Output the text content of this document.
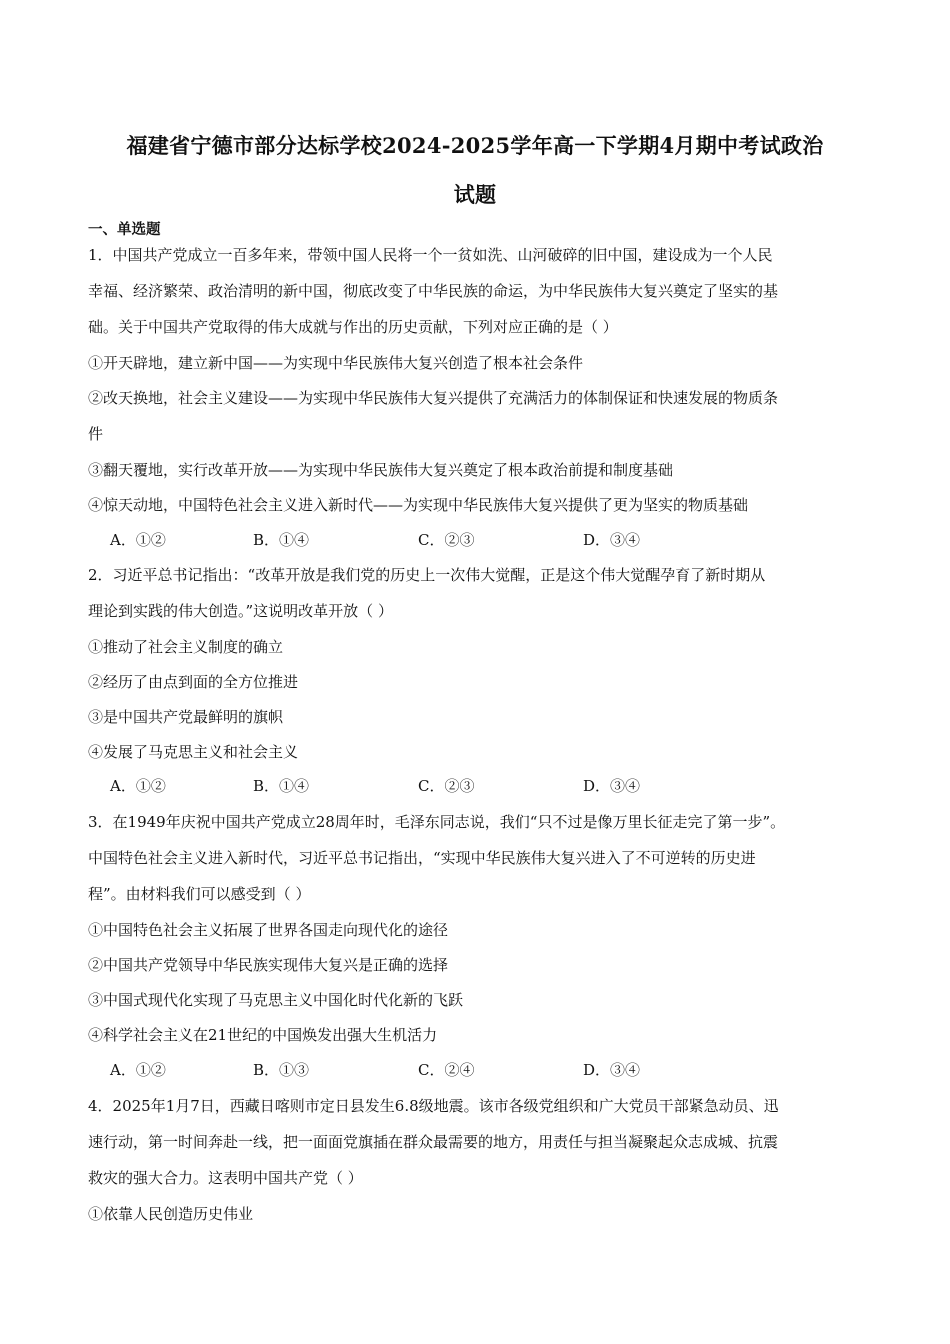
福建省宁德市部分达标学校2024-2025学年高一下学期4月期中考试政治
试题
一、单选题
1．中国共产党成立一百多年来，带领中国人民将一个一贫如洗、山河破碎的旧中国，建设成为一个人民
幸福、经济繁荣、政治清明的新中国，彻底改变了中华民族的命运，为中华民族伟大复兴奠定了坚实的基
础。关于中国共产党取得的伟大成就与作出的历史贡献，下列对应正确的是（ ）
①开天辟地，建立新中国——为实现中华民族伟大复兴创造了根本社会条件
②改天换地，社会主义建设——为实现中华民族伟大复兴提供了充满活力的体制保证和快速发展的物质条
件
③翻天覆地，实行改革开放——为实现中华民族伟大复兴奠定了根本政治前提和制度基础
④惊天动地，中国特色社会主义进入新时代——为实现中华民族伟大复兴提供了更为坚实的物质基础
A．①②	B．①④	C．②③	D．③④
2．习近平总书记指出：“改革开放是我们党的历史上一次伟大觉醒，正是这个伟大觉醒孕育了新时期从
理论到实践的伟大创造。”这说明改革开放（ ）
①推动了社会主义制度的确立
②经历了由点到面的全方位推进
③是中国共产党最鲜明的旗帜
④发展了马克思主义和社会主义
A．①②	B．①④	C．②③	D．③④
3．在1949年庆祝中国共产党成立28周年时，毛泽东同志说，我们“只不过是像万里长征走完了第一步”。
中国特色社会主义进入新时代，习近平总书记指出，“实现中华民族伟大复兴进入了不可逆转的历史进
程”。由材料我们可以感受到（ ）
①中国特色社会主义拓展了世界各国走向现代化的途径
②中国共产党领导中华民族实现伟大复兴是正确的选择
③中国式现代化实现了马克思主义中国化时代化新的飞跃
④科学社会主义在21世纪的中国焕发出强大生机活力
A．①②	B．①③	C．②④	D．③④
4．2025年1月7日，西藏日喀则市定日县发生6.8级地震。该市各级党组织和广大党员干部紧急动员、迅
速行动，第一时间奔赴一线，把一面面党旗插在群众最需要的地方，用责任与担当凝聚起众志成城、抗震
救灾的强大合力。这表明中国共产党（ ）
①依靠人民创造历史伟业
